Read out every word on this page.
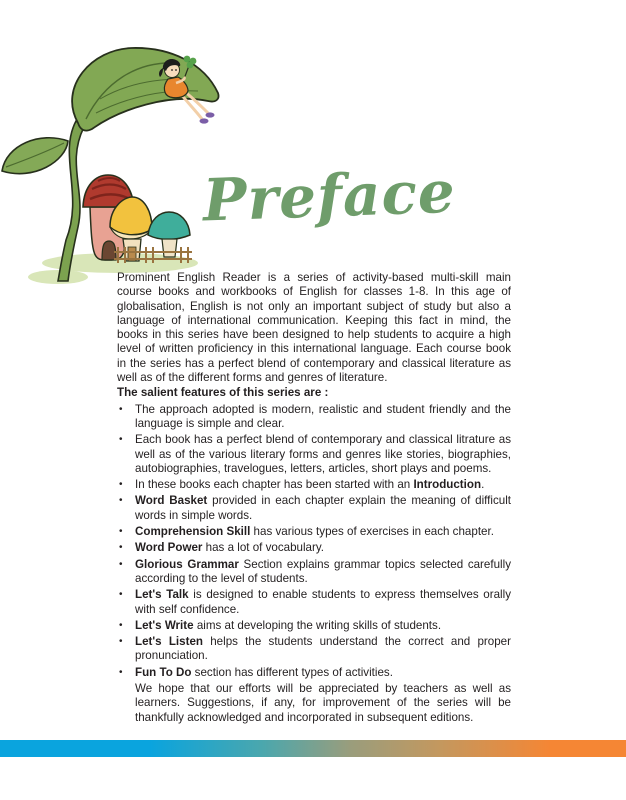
Preface

Prominent English Reader is a series of activity-based multi-skill main course books and workbooks of English for classes 1-8. In this age of globalisation, English is not only an important subject of study but also a language of international communication. Keeping this fact in mind, the books in this series have been designed to help students to acquire a high level of written proficiency in this international language. Each course book in the series has a perfect blend of contemporary and classical literature as well as of the different forms and genres of literature.

The salient features of this series are :

•	The approach adopted is modern, realistic and student friendly and the language is simple and clear.
•	Each book has a perfect blend of contemporary and classical litrature as well as of the various literary forms and genres like stories, biographies, autobiographies, travelogues, letters, articles, short plays and poems.
•	In these books each chapter has been started with an Introduction.
•	Word Basket provided in each chapter explain the meaning of difficult words in simple words.
•	Comprehension Skill has various types of exercises in each chapter.
•	Word Power has a lot of vocabulary.
•	Glorious Grammar Section explains grammar topics selected carefully according to the level of students.
•	Let's Talk is designed to enable students to express themselves orally with self confidence.
•	Let's Write aims at developing the writing skills of students.
•	Let's Listen helps the students understand the correct and proper pronunciation.
•	Fun To Do section has different types of activities.

We hope that our efforts will be appreciated by teachers as well as learners. Suggestions, if any, for improvement of the series will be thankfully acknowledged and incorporated in subsequent editions.
